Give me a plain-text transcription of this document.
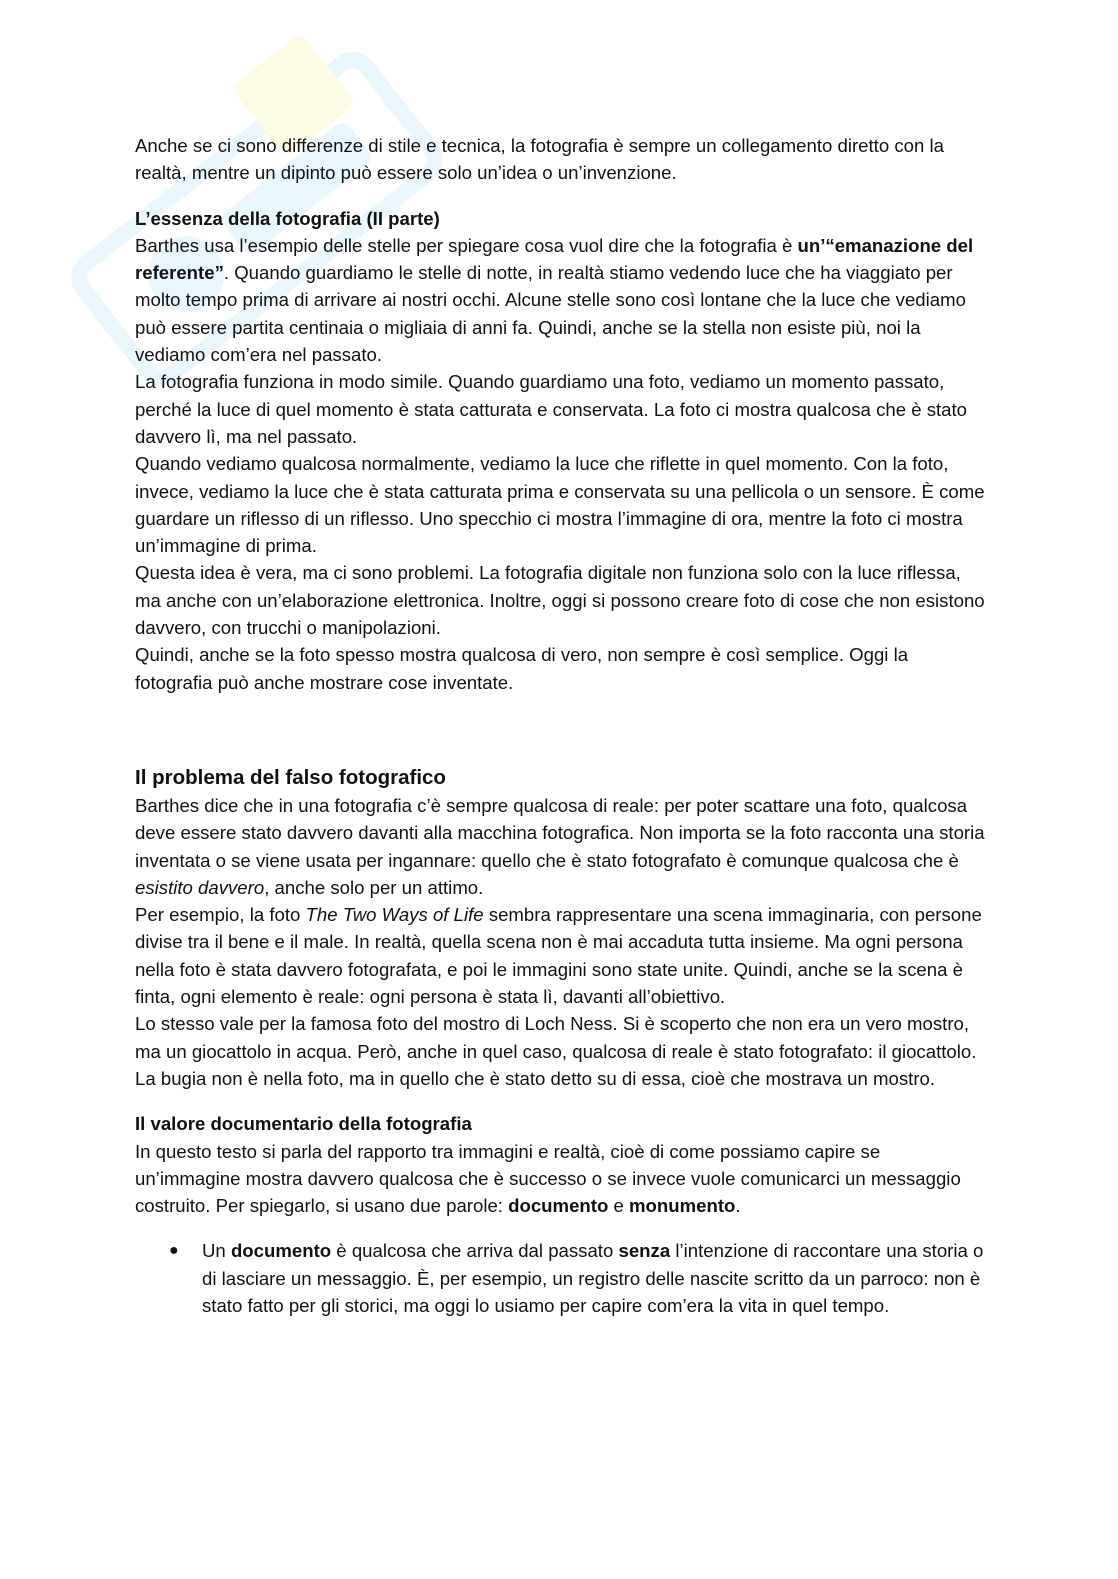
Anche se ci sono differenze di stile e tecnica, la fotografia è sempre un collegamento diretto con la realtà, mentre un dipinto può essere solo un’idea o un’invenzione.

L’essenza della fotografia (II parte)

Barthes usa l’esempio delle stelle per spiegare cosa vuol dire che la fotografia è un’“emanazione del referente”. Quando guardiamo le stelle di notte, in realtà stiamo vedendo luce che ha viaggiato per molto tempo prima di arrivare ai nostri occhi. Alcune stelle sono così lontane che la luce che vediamo può essere partita centinaia o migliaia di anni fa. Quindi, anche se la stella non esiste più, noi la vediamo com’era nel passato.

La fotografia funziona in modo simile. Quando guardiamo una foto, vediamo un momento passato, perché la luce di quel momento è stata catturata e conservata. La foto ci mostra qualcosa che è stato davvero lì, ma nel passato.

Quando vediamo qualcosa normalmente, vediamo la luce che riflette in quel momento. Con la foto, invece, vediamo la luce che è stata catturata prima e conservata su una pellicola o un sensore. È come guardare un riflesso di un riflesso. Uno specchio ci mostra l’immagine di ora, mentre la foto ci mostra un’immagine di prima.

Questa idea è vera, ma ci sono problemi. La fotografia digitale non funziona solo con la luce riflessa, ma anche con un’elaborazione elettronica. Inoltre, oggi si possono creare foto di cose che non esistono davvero, con trucchi o manipolazioni.

Quindi, anche se la foto spesso mostra qualcosa di vero, non sempre è così semplice. Oggi la fotografia può anche mostrare cose inventate.

Il problema del falso fotografico

Barthes dice che in una fotografia c’è sempre qualcosa di reale: per poter scattare una foto, qualcosa deve essere stato davvero davanti alla macchina fotografica. Non importa se la foto racconta una storia inventata o se viene usata per ingannare: quello che è stato fotografato è comunque qualcosa che è esistito davvero, anche solo per un attimo.

Per esempio, la foto The Two Ways of Life sembra rappresentare una scena immaginaria, con persone divise tra il bene e il male. In realtà, quella scena non è mai accaduta tutta insieme. Ma ogni persona nella foto è stata davvero fotografata, e poi le immagini sono state unite. Quindi, anche se la scena è finta, ogni elemento è reale: ogni persona è stata lì, davanti all’obiettivo.

Lo stesso vale per la famosa foto del mostro di Loch Ness. Si è scoperto che non era un vero mostro, ma un giocattolo in acqua. Però, anche in quel caso, qualcosa di reale è stato fotografato: il giocattolo. La bugia non è nella foto, ma in quello che è stato detto su di essa, cioè che mostrava un mostro.

Il valore documentario della fotografia

In questo testo si parla del rapporto tra immagini e realtà, cioè di come possiamo capire se un’immagine mostra davvero qualcosa che è successo o se invece vuole comunicarci un messaggio costruito. Per spiegarlo, si usano due parole: documento e monumento.

● Un documento è qualcosa che arriva dal passato senza l’intenzione di raccontare una storia o di lasciare un messaggio. È, per esempio, un registro delle nascite scritto da un parroco: non è stato fatto per gli storici, ma oggi lo usiamo per capire com’era la vita in quel tempo.
